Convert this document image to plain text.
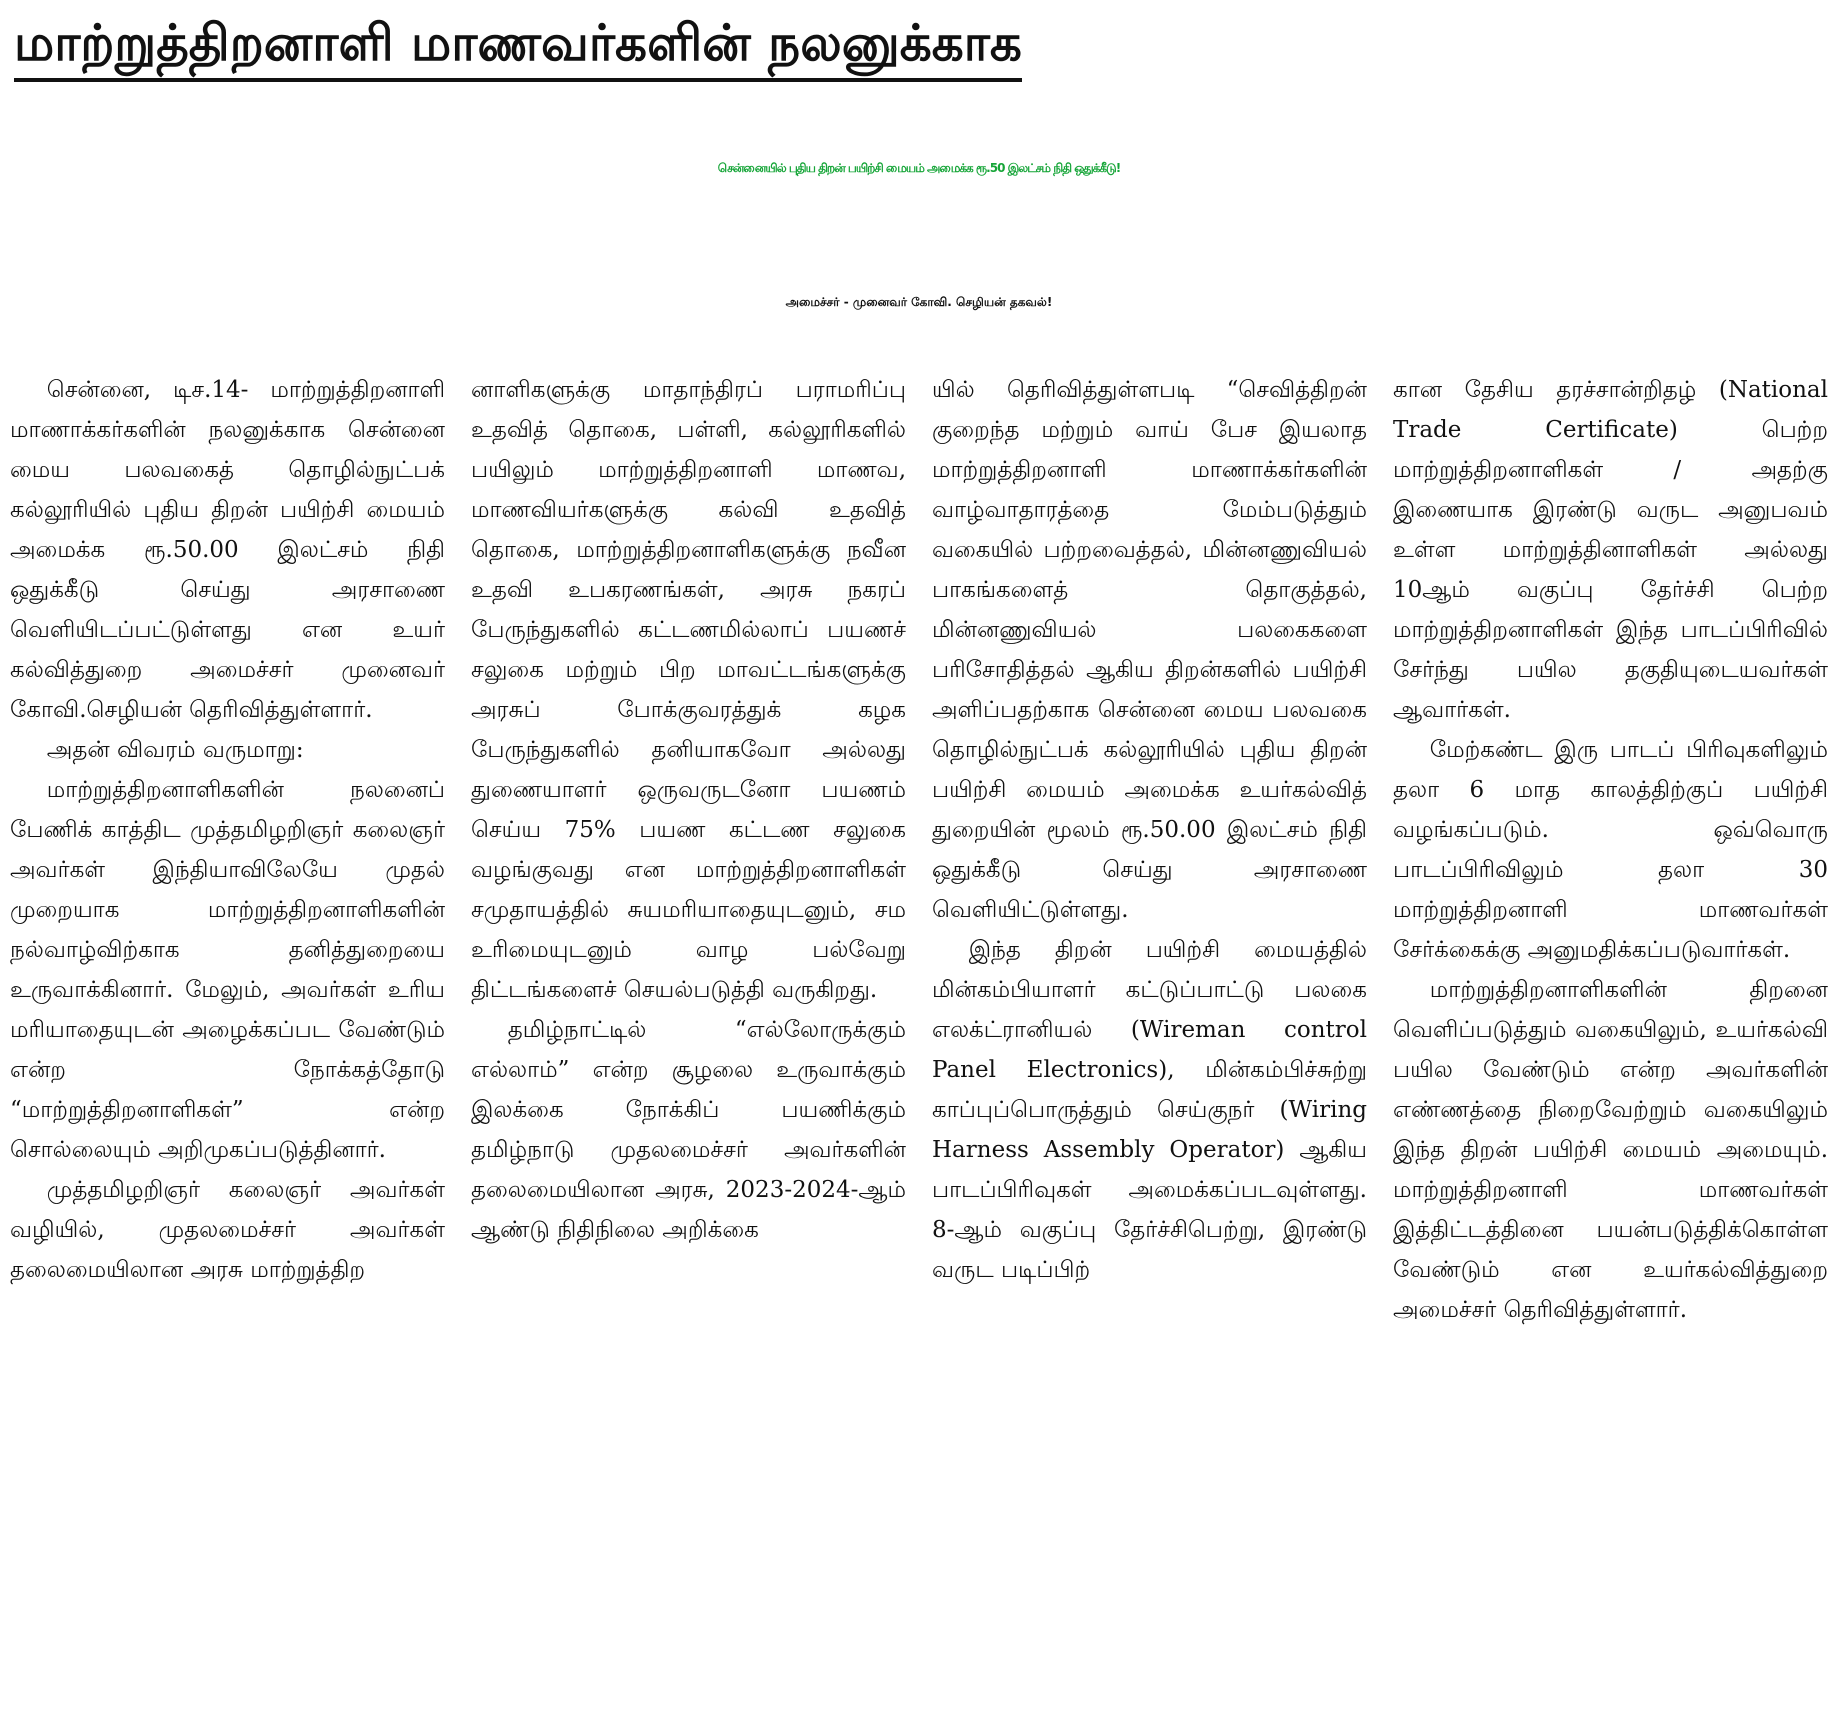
மாற்றுத்திறனாளி மாணவர்களின் நலனுக்காக
சென்னையில் புதிய திறன் பயிற்சி மையம் அமைக்க ரூ.50 இலட்சம் நிதி ஒதுக்கீடு!
அமைச்சர் - முனைவர் கோவி. செழியன் தகவல்!

சென்னை, டிச.14- மாற்றுத்திறனாளி மாணாக்கர்களின் நலனுக்காக சென்னை மைய பலவகைத் தொழில்நுட்பக் கல்லூரியில் புதிய திறன் பயிற்சி மையம் அமைக்க ரூ.50.00 இலட்சம் நிதி ஒதுக்கீடு செய்து அரசாணை வெளியிடப்பட்டுள்ளது என உயர் கல்வித்துறை அமைச்சர் முனைவர் கோவி.செழியன் தெரிவித்துள்ளார்.

அதன் விவரம் வருமாறு:

மாற்றுத்திறனாளிகளின் நலனைப் பேணிக் காத்திட முத்தமிழறிஞர் கலைஞர் அவர்கள் இந்தியாவிலேயே முதல் முறையாக மாற்றுத்திறனாளிகளின் நல்வாழ்விற்காக தனித்துறையை உருவாக்கினார். மேலும், அவர்கள் உரிய மரியாதையுடன் அழைக்கப்பட வேண்டும் என்ற நோக்கத்தோடு “மாற்றுத்திறனாளிகள்” என்ற சொல்லையும் அறிமுகப்படுத்தினார்.

முத்தமிழறிஞர் கலைஞர் அவர்கள் வழியில், முதலமைச்சர் அவர்கள் தலைமையிலான அரசு மாற்றுத்திற

னாளிகளுக்கு மாதாந்திரப் பராமரிப்பு உதவித் தொகை, பள்ளி, கல்லூரிகளில் பயிலும் மாற்றுத்திறனாளி மாணவ, மாணவியர்களுக்கு கல்வி உதவித் தொகை, மாற்றுத்திறனாளிகளுக்கு நவீன உதவி உபகரணங்கள், அரசு நகரப் பேருந்துகளில் கட்டணமில்லாப் பயணச் சலுகை மற்றும் பிற மாவட்டங்களுக்கு அரசுப் போக்குவரத்துக் கழக பேருந்துகளில் தனியாகவோ அல்லது துணையாளர் ஒருவருடனோ பயணம் செய்ய 75% பயண கட்டண சலுகை வழங்குவது என மாற்றுத்திறனாளிகள் சமுதாயத்தில் சுயமரியாதையுடனும், சம உரிமையுடனும் வாழ பல்வேறு திட்டங்களைச் செயல்படுத்தி வருகிறது.

தமிழ்நாட்டில் “எல்லோருக்கும் எல்லாம்” என்ற சூழலை உருவாக்கும் இலக்கை நோக்கிப் பயணிக்கும் தமிழ்நாடு முதலமைச்சர் அவர்களின் தலைமையிலான அரசு, 2023-2024-ஆம் ஆண்டு நிதிநிலை அறிக்கை

யில் தெரிவித்துள்ளபடி “செவித்திறன் குறைந்த மற்றும் வாய் பேச இயலாத மாற்றுத்திறனாளி மாணாக்கர்களின் வாழ்வாதாரத்தை மேம்படுத்தும் வகையில் பற்றவைத்தல், மின்னணுவியல் பாகங்களைத் தொகுத்தல், மின்னணுவியல் பலகைகளை பரிசோதித்தல் ஆகிய திறன்களில் பயிற்சி அளிப்பதற்காக சென்னை மைய பலவகை தொழில்நுட்பக் கல்லூரியில் புதிய திறன் பயிற்சி மையம் அமைக்க உயர்கல்வித் துறையின் மூலம் ரூ.50.00 இலட்சம் நிதி ஒதுக்கீடு செய்து அரசாணை வெளியிட்டுள்ளது.

இந்த திறன் பயிற்சி மையத்தில் மின்கம்பியாளர் கட்டுப்பாட்டு பலகை எலக்ட்ரானியல் (Wireman control Panel Electronics), மின்கம்பிச்சுற்று காப்புப்பொருத்தும் செய்குநர் (Wiring Harness Assembly Operator) ஆகிய பாடப்பிரிவுகள் அமைக்கப்படவுள்ளது. 8-ஆம் வகுப்பு தேர்ச்சிபெற்று, இரண்டு வருட படிப்பிற்

கான தேசிய தரச்சான்றிதழ் (National Trade Certificate) பெற்ற மாற்றுத்திறனாளிகள் / அதற்கு இணையாக இரண்டு வருட அனுபவம் உள்ள மாற்றுத்தினாளிகள் அல்லது 10ஆம் வகுப்பு தேர்ச்சி பெற்ற மாற்றுத்திறனாளிகள் இந்த பாடப்பிரிவில் சேர்ந்து பயில தகுதியுடையவர்கள் ஆவார்கள்.

மேற்கண்ட இரு பாடப் பிரிவுகளிலும் தலா 6 மாத காலத்திற்குப் பயிற்சி வழங்கப்படும். ஒவ்வொரு பாடப்பிரிவிலும் தலா 30 மாற்றுத்திறனாளி மாணவர்கள் சேர்க்கைக்கு அனுமதிக்கப்படுவார்கள்.

மாற்றுத்திறனாளிகளின் திறனை வெளிப்படுத்தும் வகையிலும், உயர்கல்வி பயில வேண்டும் என்ற அவர்களின் எண்ணத்தை நிறைவேற்றும் வகையிலும் இந்த திறன் பயிற்சி மையம் அமையும். மாற்றுத்திறனாளி மாணவர்கள் இத்திட்டத்தினை பயன்படுத்திக்கொள்ள வேண்டும் என உயர்கல்வித்துறை அமைச்சர் தெரிவித்துள்ளார்.
